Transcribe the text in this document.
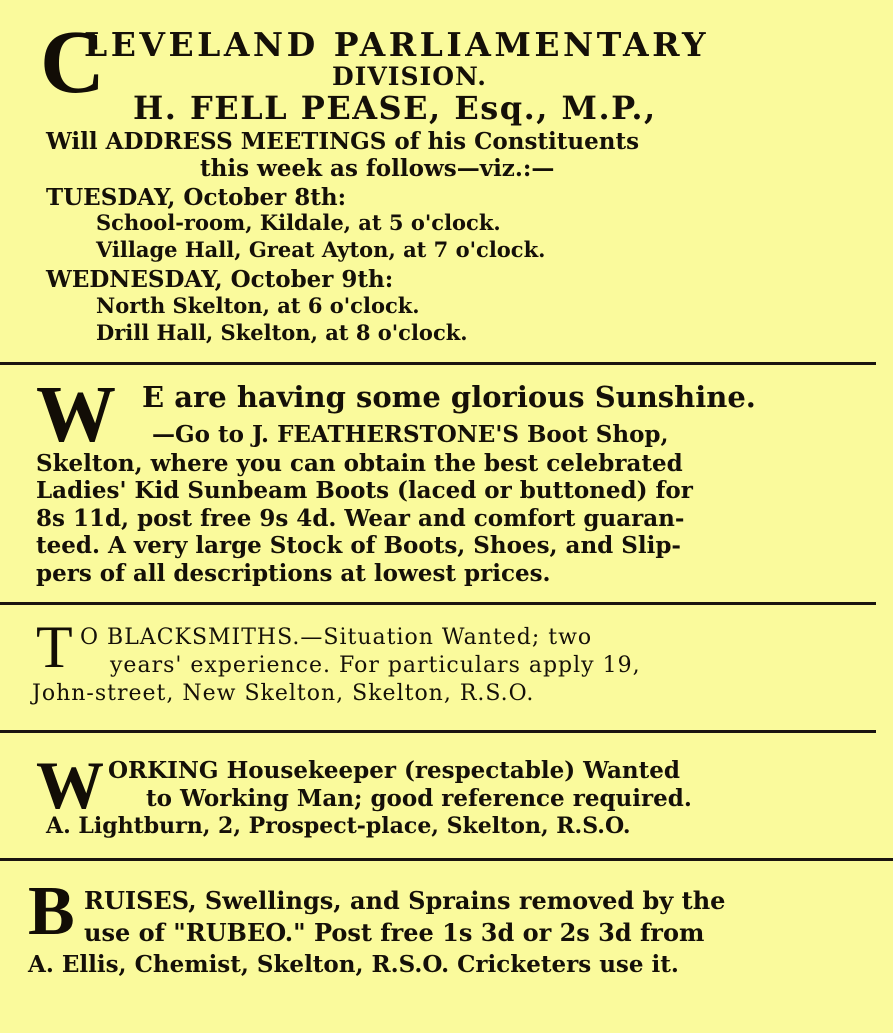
C
LEVELAND PARLIAMENTARY
DIVISION.
H. FELL PEASE, Esq., M.P.,
Will ADDRESS MEETINGS of his Constituents
this week as follows—viz.:—
TUESDAY, October 8th:
School-room, Kildale, at 5 o'clock.
Village Hall, Great Ayton, at 7 o'clock.
WEDNESDAY, October 9th:
North Skelton, at 6 o'clock.
Drill Hall, Skelton, at 8 o'clock.
W E are having some glorious Sunshine.
—Go to J. FEATHERSTONE'S Boot Shop,
Skelton, where you can obtain the best celebrated
Ladies' Kid Sunbeam Boots (laced or buttoned) for
8s 11d, post free 9s 4d. Wear and comfort guaran-
teed. A very large Stock of Boots, Shoes, and Slip-
pers of all descriptions at lowest prices.
T O BLACKSMITHS.—Situation Wanted; two
years' experience. For particulars apply 19,
John-street, New Skelton, Skelton, R.S.O.
W ORKING Housekeeper (respectable) Wanted
to Working Man; good reference required.
A. Lightburn, 2, Prospect-place, Skelton, R.S.O.
B RUISES, Swellings, and Sprains removed by the
use of "RUBEO." Post free 1s 3d or 2s 3d from
A. Ellis, Chemist, Skelton, R.S.O. Cricketers use it.
